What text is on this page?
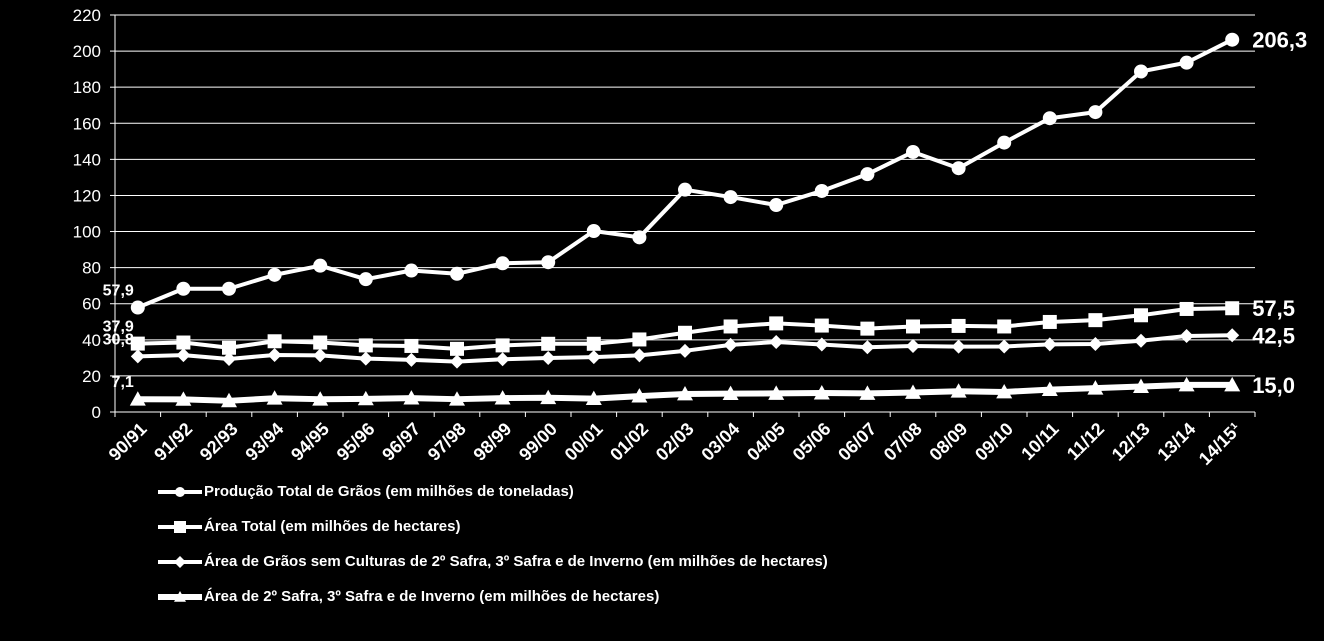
0
20
40
60
80
100
120
140
160
180
200
220
90/91 91/92 92/93 93/94 94/95 95/96 96/97 97/98 98/99 99/00 00/01 01/02 02/03 03/04 04/05 05/06 06/07 07/08 08/09 09/10 10/11 11/12 12/13 13/14
14/15¹
57,9
206,3
37,9
57,5
30,8	42,5
7,1	15,0
Produção Total de Grãos (em milhões de toneladas)
Área Total (em milhões de hectares)
Área de Grãos sem Culturas de 2º Safra, 3º Safra e de Inverno (em milhões de hectares)
Área de 2º Safra, 3º Safra e de Inverno (em milhões de hectares)
